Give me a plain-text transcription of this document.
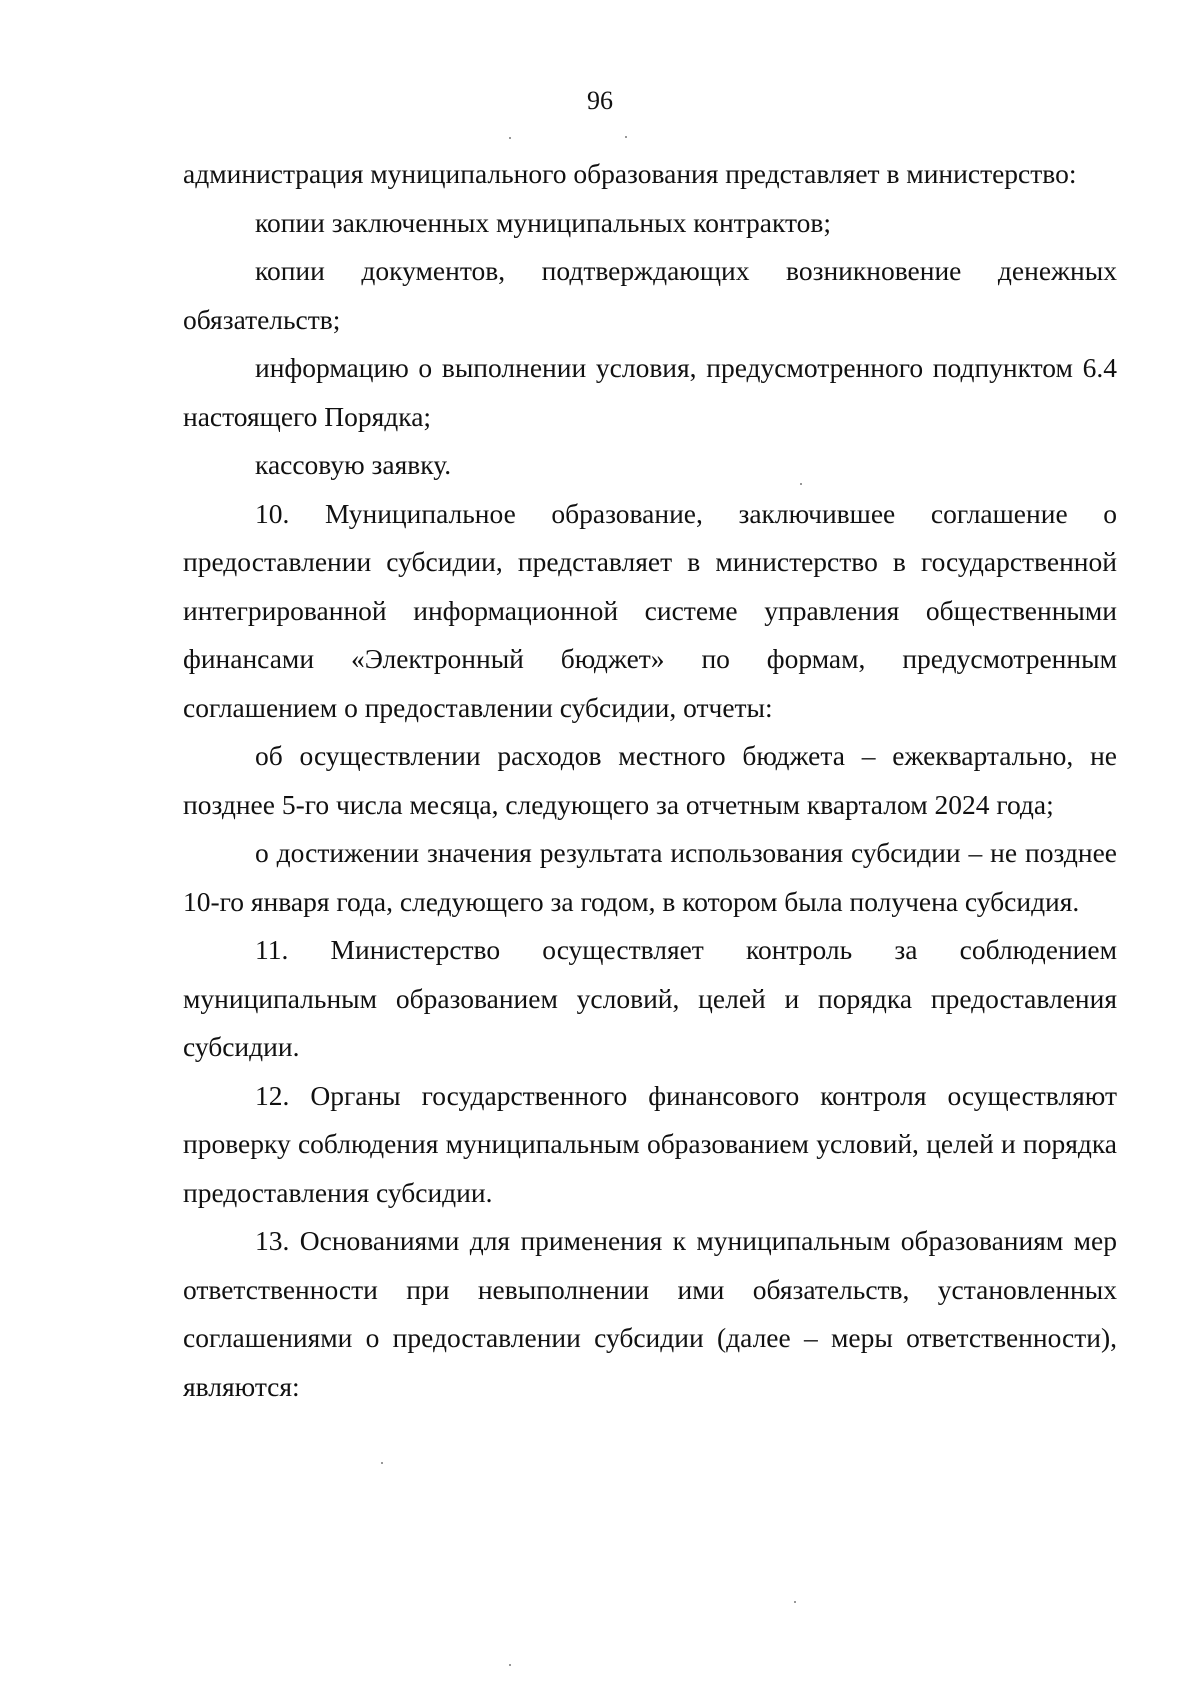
96

администрация муниципального образования представляет в министерство:

копии заключенных муниципальных контрактов;

копии документов, подтверждающих возникновение денежных обязательств;

информацию о выполнении условия, предусмотренного подпунктом 6.4 настоящего Порядка;

кассовую заявку.

10. Муниципальное образование, заключившее соглашение о предоставлении субсидии, представляет в министерство в государственной интегрированной информационной системе управления общественными финансами «Электронный бюджет» по формам, предусмотренным соглашением о предоставлении субсидии, отчеты:

об осуществлении расходов местного бюджета – ежеквартально, не позднее 5-го числа месяца, следующего за отчетным кварталом 2024 года;

о достижении значения результата использования субсидии – не позднее 10-го января года, следующего за годом, в котором была получена субсидия.

11. Министерство осуществляет контроль за соблюдением муниципальным образованием условий, целей и порядка предоставления субсидии.

12. Органы государственного финансового контроля осуществляют проверку соблюдения муниципальным образованием условий, целей и порядка предоставления субсидии.

13. Основаниями для применения к муниципальным образованиям мер ответственности при невыполнении ими обязательств, установленных соглашениями о предоставлении субсидии (далее – меры ответственности), являются:
